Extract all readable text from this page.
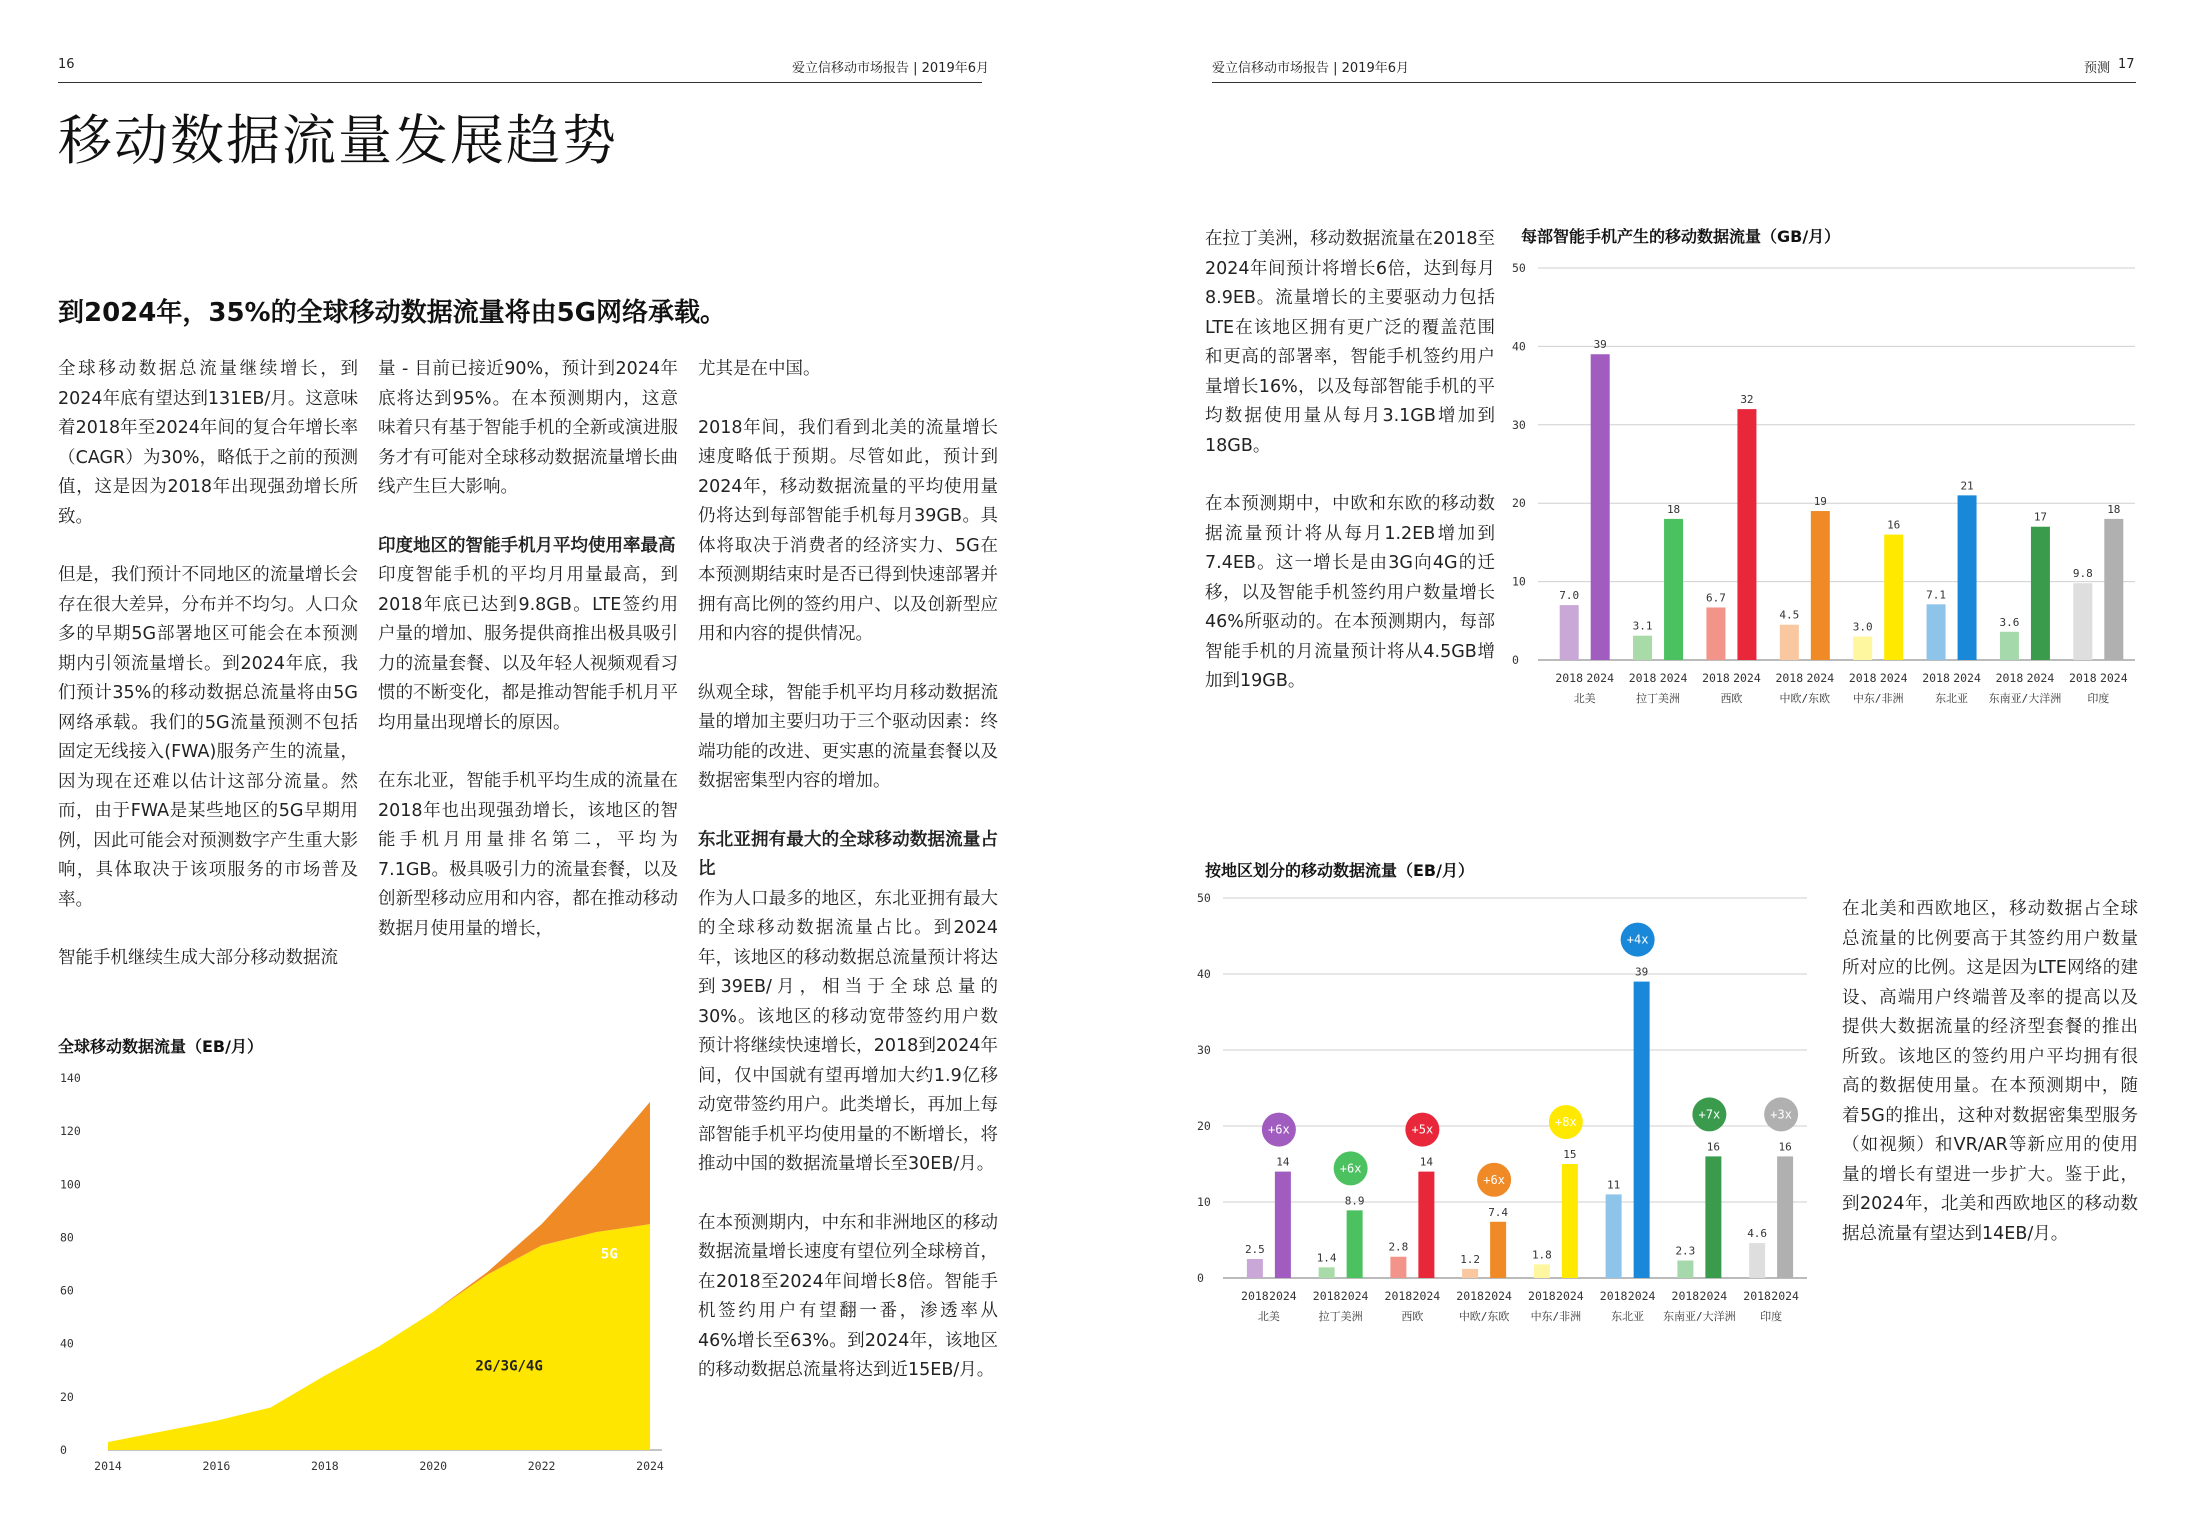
16	爱立信移动市场报告 | 2019年6月
移动数据流量发展趋势
到2024年，35%的全球移动数据流量将由5G网络承载。

全球移动数据总流量继续增长，到2024年底有望达到131EB/月。这意味着2018年至2024年间的复合年增长率（CAGR）为30%，略低于之前的预测值，这是因为2018年出现强劲增长所致。

但是，我们预计不同地区的流量增长会存在很大差异，分布并不均匀。人口众多的早期5G部署地区可能会在本预测期内引领流量增长。到2024年底，我们预计35%的移动数据总流量将由5G网络承载。我们的5G流量预测不包括固定无线接入(FWA)服务产生的流量，因为现在还难以估计这部分流量。然而，由于FWA是某些地区的5G早期用例，因此可能会对预测数字产生重大影响，具体取决于该项服务的市场普及率。

智能手机继续生成大部分移动数据流

量 - 目前已接近90%，预计到2024年底将达到95%。在本预测期内，这意味着只有基于智能手机的全新或演进服务才有可能对全球移动数据流量增长曲线产生巨大影响。

印度地区的智能手机月平均使用率最高

印度智能手机的平均月用量最高，到2018年底已达到9.8GB。LTE签约用户量的增加、服务提供商推出极具吸引力的流量套餐、以及年轻人视频观看习惯的不断变化，都是推动智能手机月平均用量出现增长的原因。

在东北亚，智能手机平均生成的流量在2018年也出现强劲增长，该地区的智能手机月用量排名第二，平均为7.1GB。极具吸引力的流量套餐，以及创新型移动应用和内容，都在推动移动数据月使用量的增长，

尤其是在中国。

2018年间，我们看到北美的流量增长速度略低于预期。尽管如此，预计到2024年，移动数据流量的平均使用量仍将达到每部智能手机每月39GB。具体将取决于消费者的经济实力、5G在本预测期结束时是否已得到快速部署并拥有高比例的签约用户、以及创新型应用和内容的提供情况。

纵观全球，智能手机平均月移动数据流量的增加主要归功于三个驱动因素：终端功能的改进、更实惠的流量套餐以及数据密集型内容的增加。

东北亚拥有最大的全球移动数据流量占比

作为人口最多的地区，东北亚拥有最大的全球移动数据流量占比。到2024年，该地区的移动数据总流量预计将达到39EB/月，相当于全球总量的30%。该地区的移动宽带签约用户数预计将继续快速增长，2018到2024年间，仅中国就有望再增加大约1.9亿移动宽带签约用户。此类增长，再加上每部智能手机平均使用量的不断增长，将推动中国的数据流量增长至30EB/月。

在本预测期内，中东和非洲地区的移动数据流量增长速度有望位列全球榜首，在2018至2024年间增长8倍。智能手机签约用户有望翻一番，渗透率从46%增长至63%。到2024年，该地区的移动数据总流量将达到近15EB/月。

全球移动数据流量（EB/月）
0
20
40
60
80
100
120
140
2014	2016	2018	2020	2022	2024
5G
2G/3G/4G
爱立信移动市场报告 | 2019年6月	预测 17

在拉丁美洲，移动数据流量在2018至2024年间预计将增长6倍，达到每月8.9EB。流量增长的主要驱动力包括LTE在该地区拥有更广泛的覆盖范围和更高的部署率，智能手机签约用户量增长16%，以及每部智能手机的平均数据使用量从每月3.1GB增加到18GB。

在本预测期中，中欧和东欧的移动数据流量预计将从每月1.2EB增加到7.4EB。这一增长是由3G向4G的迁移，以及智能手机签约用户数量增长46%所驱动的。在本预测期内，每部智能手机的月流量预计将从4.5GB增加到19GB。

每部智能手机产生的移动数据流量（GB/月）
0
10
20
30
40
50
7.0
2018
39
2024
北美
3.1
2018
18
2024
拉丁美洲
6.7
2018
32
2024
西欧
4.5
2018
19
2024
中欧/东欧
3.0
2018
16
2024
中东/非洲
7.1
2018
21
2024
东北亚
3.6
2018
17
2024
东南亚/大洋洲
9.8
2018
18
2024
印度
按地区划分的移动数据流量（EB/月）
0
10
20
30
40
50
2.5
2018
14
2024
北美
+6x
1.4
2018
8.9
2024
拉丁美洲
+6x
2.8
2018
14
2024
西欧
+5x
1.2
2018
7.4
2024
中欧/东欧
+6x
1.8
2018
15
2024
中东/非洲
+8x
11
2018
39
2024
东北亚
+4x
2.3
2018
16
2024
东南亚/大洋洲
+7x
4.6
2018
16
2024
印度
+3x

在北美和西欧地区，移动数据占全球总流量的比例要高于其签约用户数量所对应的比例。这是因为LTE网络的建设、高端用户终端普及率的提高以及提供大数据流量的经济型套餐的推出所致。该地区的签约用户平均拥有很高的数据使用量。在本预测期中，随着5G的推出，这种对数据密集型服务（如视频）和VR/AR等新应用的使用量的增长有望进一步扩大。鉴于此，到2024年，北美和西欧地区的移动数据总流量有望达到14EB/月。
